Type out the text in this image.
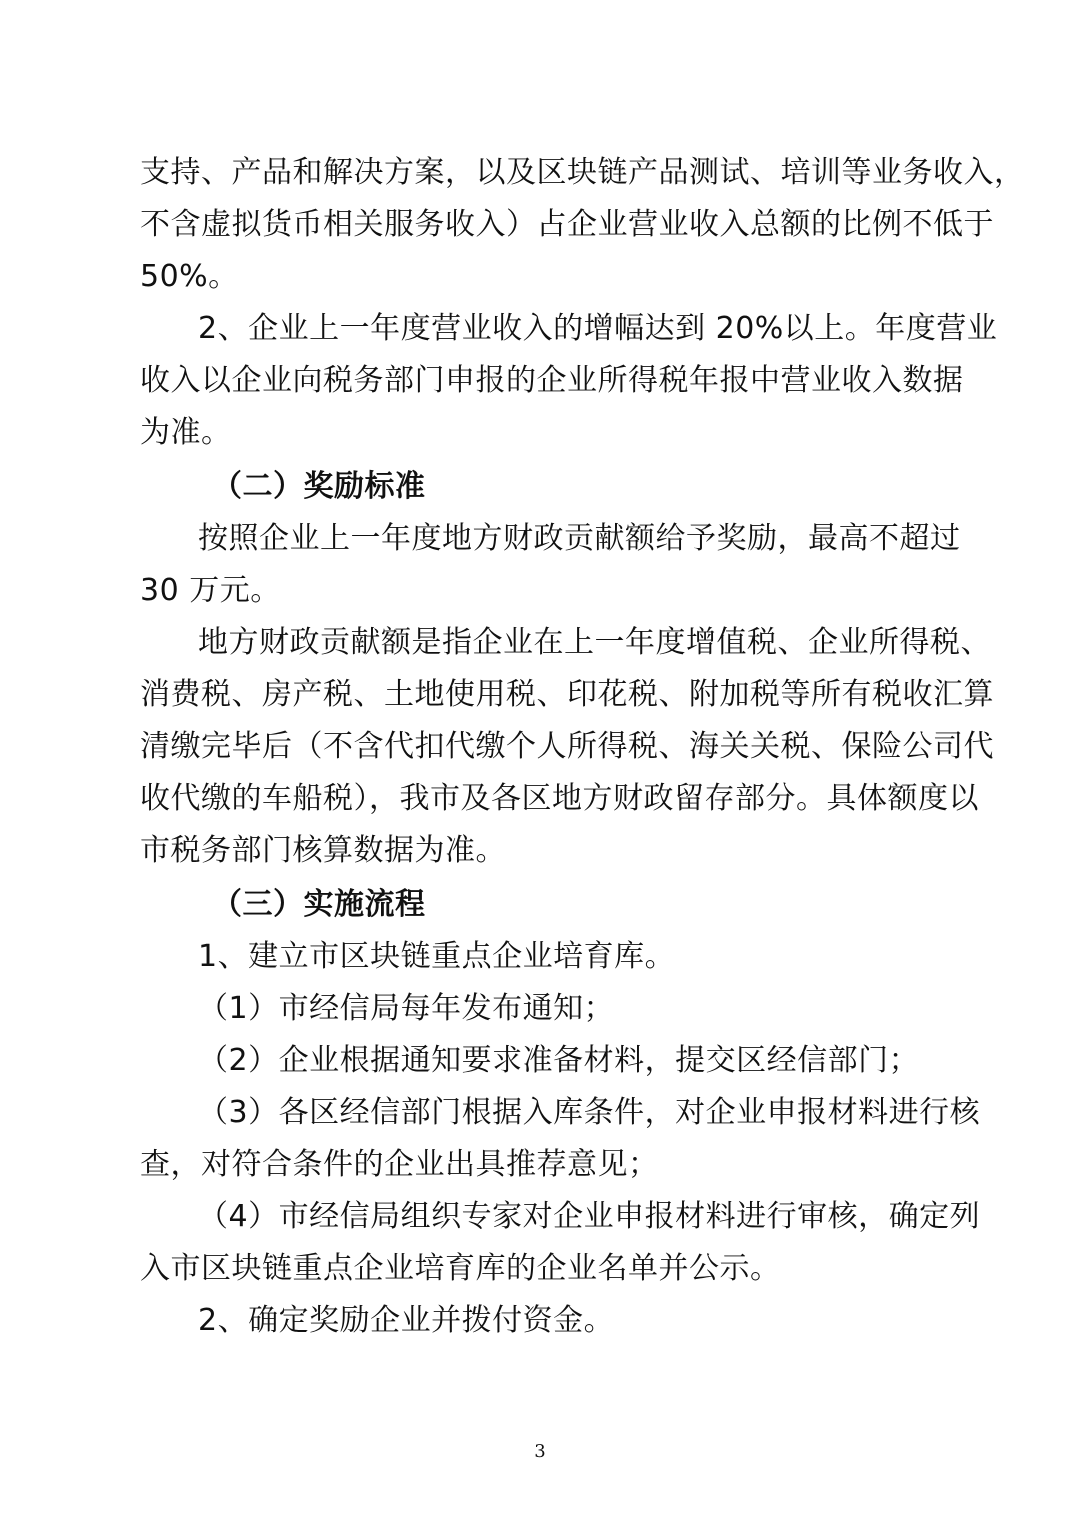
支持、产品和解决方案，以及区块链产品测试、培训等业务收入，
不含虚拟货币相关服务收入）占企业营业收入总额的比例不低于
50%。
2、企业上一年度营业收入的增幅达到 20%以上。年度营业
收入以企业向税务部门申报的企业所得税年报中营业收入数据
为准。
（二）奖励标准
按照企业上一年度地方财政贡献额给予奖励，最高不超过
30 万元。
地方财政贡献额是指企业在上一年度增值税、企业所得税、
消费税、房产税、土地使用税、印花税、附加税等所有税收汇算
清缴完毕后（不含代扣代缴个人所得税、海关关税、保险公司代
收代缴的车船税），我市及各区地方财政留存部分。具体额度以
市税务部门核算数据为准。
（三）实施流程
1、建立市区块链重点企业培育库。
（1）市经信局每年发布通知；
（2）企业根据通知要求准备材料，提交区经信部门；
（3）各区经信部门根据入库条件，对企业申报材料进行核
查，对符合条件的企业出具推荐意见；
（4）市经信局组织专家对企业申报材料进行审核，确定列
入市区块链重点企业培育库的企业名单并公示。
2、确定奖励企业并拨付资金。
3
